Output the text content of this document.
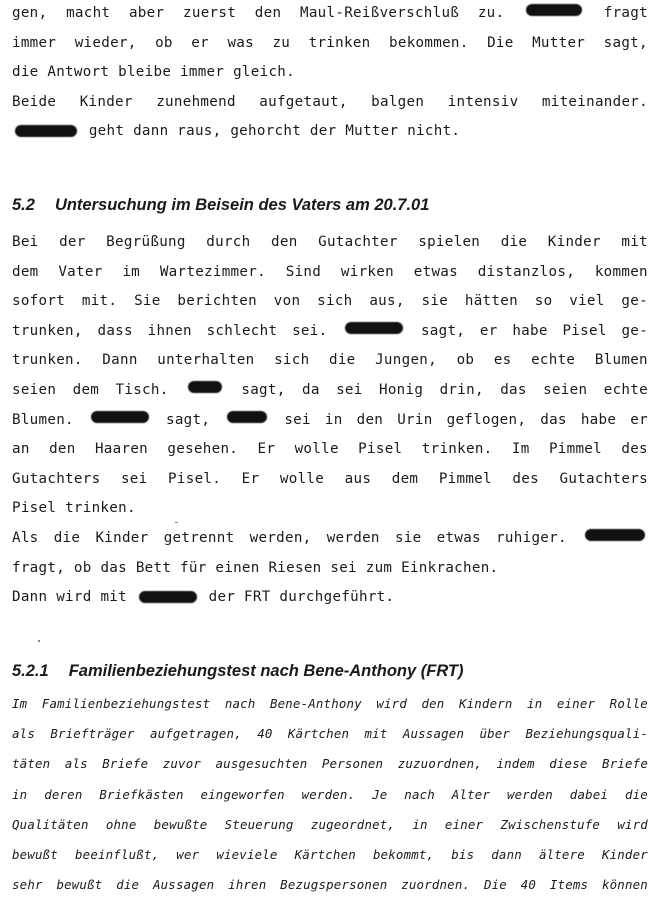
gen, macht aber zuerst den Maul-Reißverschluß zu.	fragt
immer wieder, ob er was zu trinken bekommen. Die Mutter sagt,
die Antwort bleibe immer gleich.
Beide Kinder zunehmend aufgetaut, balgen intensiv miteinander.
geht dann raus, gehorcht der Mutter nicht.
5.2 Untersuchung im Beisein des Vaters am 20.7.01
Bei der Begrüßung durch den Gutachter spielen die Kinder mit
dem Vater im Wartezimmer. Sind wirken etwas distanzlos, kommen
sofort mit. Sie berichten von sich aus, sie hätten so viel ge-
trunken, dass ihnen schlecht sei.	sagt, er habe Pisel ge-
trunken. Dann unterhalten sich die Jungen, ob es echte Blumen
seien dem Tisch.	sagt, da sei Honig drin, das seien echte
Blumen.	sagt,	sei in den Urin geflogen, das habe er
an den Haaren gesehen. Er wolle Pisel trinken. Im Pimmel des
Gutachters sei Pisel. Er wolle aus dem Pimmel des Gutachters
Pisel trinken.
Als die Kinder getrennt werden, werden sie etwas ruhiger.
fragt, ob das Bett für einen Riesen sei zum Einkrachen.
Dann wird mit	der FRT durchgeführt.
5.2.1 Familienbeziehungstest nach Bene-Anthony (FRT)
Im Familienbeziehungstest nach Bene-Anthony wird den Kindern in einer Rolle
als Briefträger aufgetragen, 40 Kärtchen mit Aussagen über Beziehungsquali-
täten als Briefe zuvor ausgesuchten Personen zuzuordnen, indem diese Briefe
in deren Briefkästen eingeworfen werden. Je nach Alter werden dabei die
Qualitäten ohne bewußte Steuerung zugeordnet, in einer Zwischenstufe wird
bewußt beeinflußt, wer wieviele Kärtchen bekommt, bis dann ältere Kinder
sehr bewußt die Aussagen ihren Bezugspersonen zuordnen. Die 40 Items können
